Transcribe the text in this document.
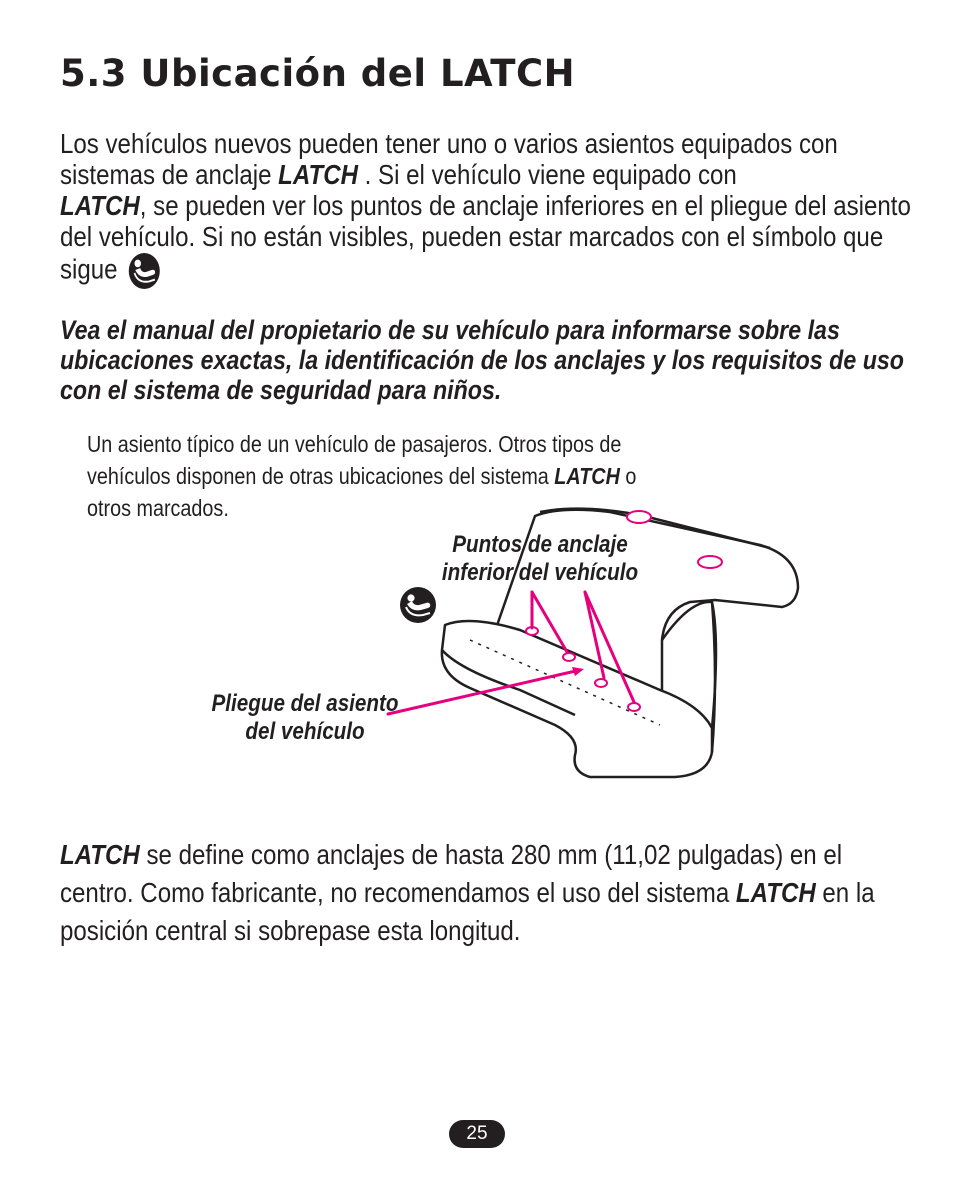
5.3 Ubicación del LATCH

Los vehículos nuevos pueden tener uno o varios asientos equipados con sistemas de anclaje LATCH . Si el vehículo viene equipado con
LATCH, se pueden ver los puntos de anclaje inferiores en el pliegue del asiento del vehículo. Si no están visibles, pueden estar marcados con el símbolo que sigue

Vea el manual del propietario de su vehículo para informarse sobre las ubicaciones exactas, la identificación de los anclajes y los requisitos de uso con el sistema de seguridad para niños.

Un asiento típico de un vehículo de pasajeros. Otros tipos de vehículos disponen de otras ubicaciones del sistema LATCH o otros marcados.

Puntos de anclaje
inferior del vehículo
Pliegue del asiento
del vehículo

LATCH se define como anclajes de hasta 280 mm (11,02 pulgadas) en el centro. Como fabricante, no recomendamos el uso del sistema LATCH en la posición central si sobrepase esta longitud.

25
